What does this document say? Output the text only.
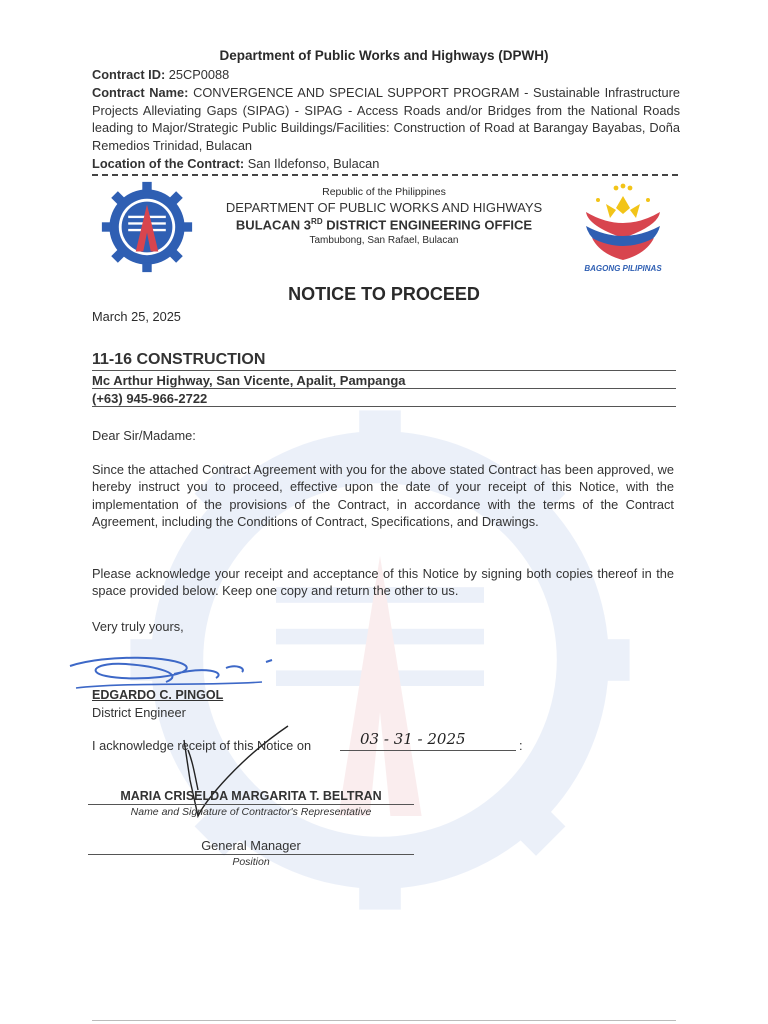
Department of Public Works and Highways (DPWH)

Contract ID: 25CP0088

Contract Name: CONVERGENCE AND SPECIAL SUPPORT PROGRAM - Sustainable Infrastructure Projects Alleviating Gaps (SIPAG) - SIPAG - Access Roads and/or Bridges from the National Roads leading to Major/Strategic Public Buildings/Facilities: Construction of Road at Barangay Bayabas, Doña Remedios Trinidad, Bulacan

Location of the Contract: San Ildefonso, Bulacan

Republic of the Philippines
DEPARTMENT OF PUBLIC WORKS AND HIGHWAYS
BULACAN 3RD DISTRICT ENGINEERING OFFICE
Tambubong, San Rafael, Bulacan
BAGONG PILIPINAS
NOTICE TO PROCEED
March 25, 2025
11-16 CONSTRUCTION
Mc Arthur Highway, San Vicente, Apalit, Pampanga
(+63) 945-966-2722
Dear Sir/Madame:
Since the attached Contract Agreement with you for the above stated Contract has been approved, we hereby instruct you to proceed, effective upon the date of your receipt of this Notice, with the implementation of the provisions of the Contract, in accordance with the terms of the Contract Agreement, including the Conditions of Contract, Specifications, and Drawings.
Please acknowledge your receipt and acceptance of this Notice by signing both copies thereof in the space provided below. Keep one copy and return the other to us.
Very truly yours,
EDGARDO C. PINGOL
District Engineer
I acknowledge receipt of this Notice on	03 - 31 - 2025	:
MARIA CRISELDA MARGARITA T. BELTRAN
Name and Signature of Contractor's Representative
General Manager
Position
